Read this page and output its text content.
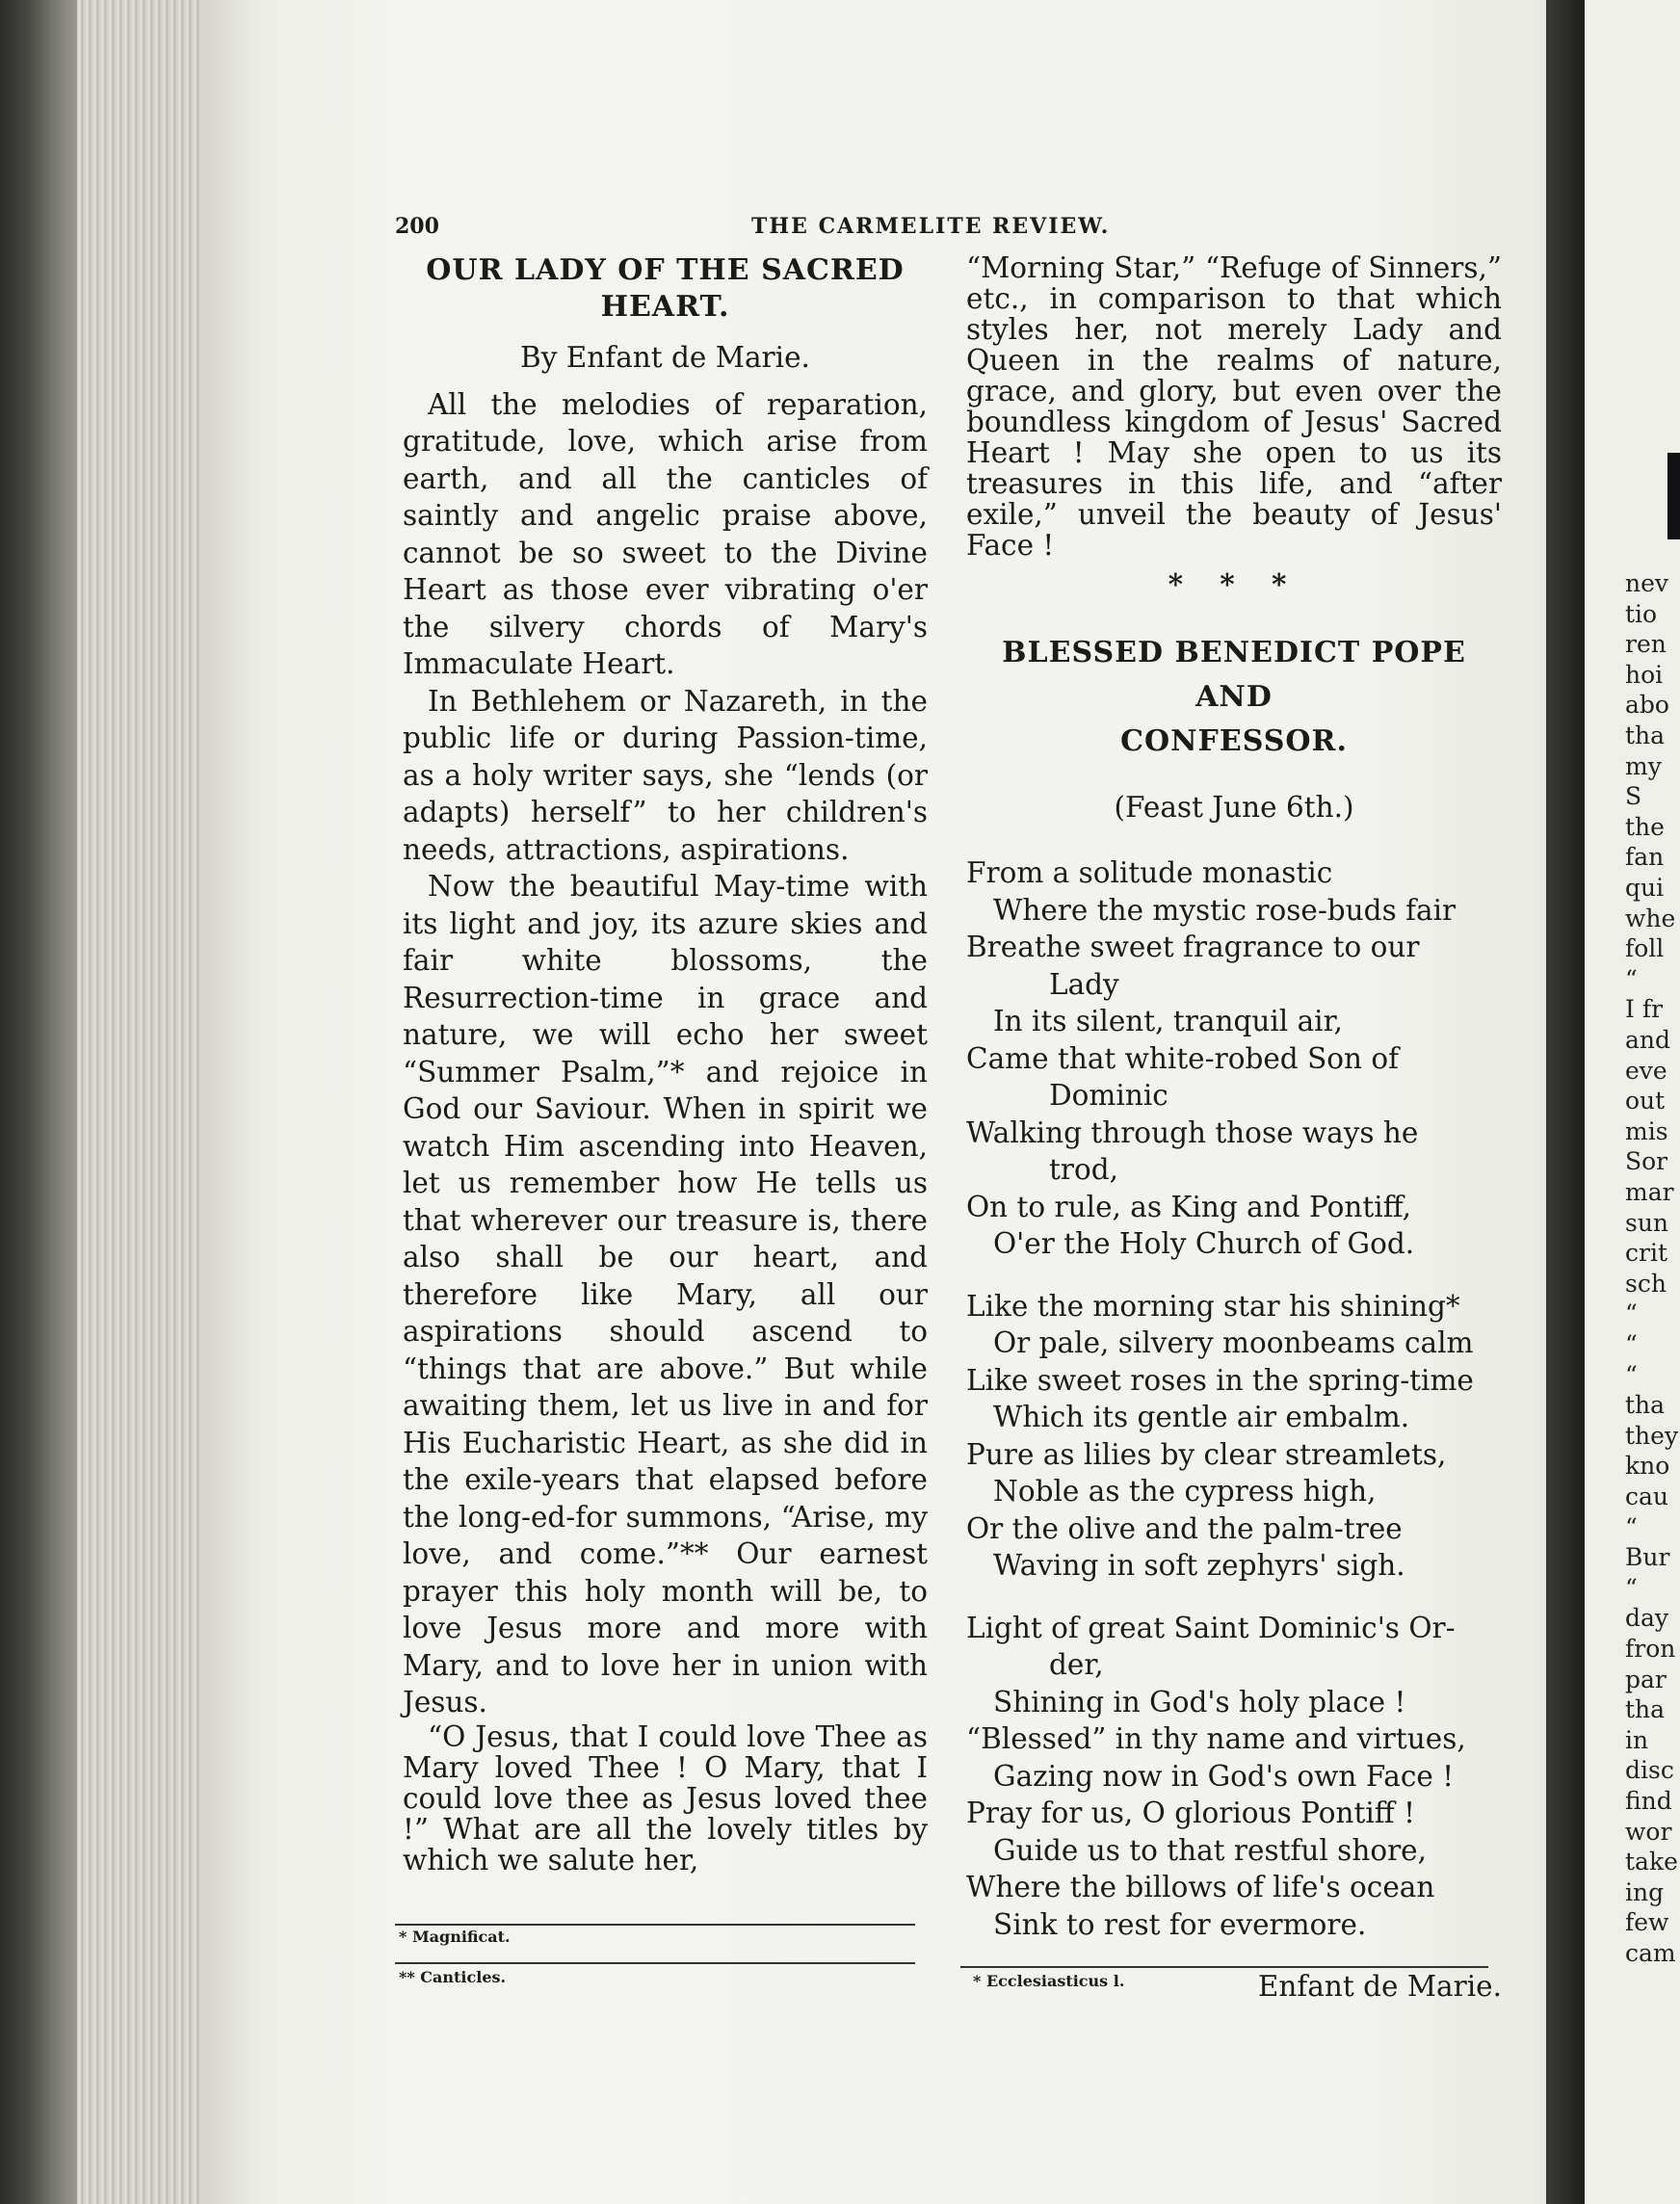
nev
tio
ren
hoi
abo
tha
my
S
the
fan
qui
whe
foll
“
I fr
and
eve
out
mis
Sor
mar
sun
crit
sch
“
“
“
tha
they
kno
cau
“
Bur
“
day
fron
par
tha
in
disc
find
wor
take
ing
few
cam
200	THE CARMELITE REVIEW.
OUR LADY OF THE SACRED HEART.
By Enfant de Marie.

All the melodies of reparation, gratitude, love, which arise from earth, and all the canticles of saintly and angelic praise above, cannot be so sweet to the Divine Heart as those ever vibrating o'er the silvery chords of Mary's Immaculate Heart.

In Bethlehem or Nazareth, in the public life or during Passion-time, as a holy writer says, she “lends (or adapts) herself” to her children's needs, attractions, aspirations.

Now the beautiful May-time with its light and joy, its azure skies and fair white blossoms, the Resurrection-time in grace and nature, we will echo her sweet “Summer Psalm,”* and rejoice in God our Saviour. When in spirit we watch Him ascending into Heaven, let us remember how He tells us that wherever our treasure is, there also shall be our heart, and therefore like Mary, all our aspirations should ascend to “things that are above.” But while awaiting them, let us live in and for His Eucharistic Heart, as she did in the exile-years that elapsed before the long-ed-for summons, “Arise, my love, and come.”** Our earnest prayer this holy month will be, to love Jesus more and more with Mary, and to love her in union with Jesus.

“O Jesus, that I could love Thee as Mary loved Thee ! O Mary, that I could love thee as Jesus loved thee !” What are all the lovely titles by which we salute her,

“Morning Star,” “Refuge of Sinners,” etc., in comparison to that which styles her, not merely Lady and Queen in the realms of nature, grace, and glory, but even over the boundless kingdom of Jesus' Sacred Heart ! May she open to us its treasures in this life, and “after exile,” unveil the beauty of Jesus' Face !

* * *
BLESSED BENEDICT POPE AND
CONFESSOR.
(Feast June 6th.)
From a solitude monastic
Where the mystic rose-buds fair
Breathe sweet fragrance to our
Lady
In its silent, tranquil air,
Came that white-robed Son of
Dominic
Walking through those ways he
trod,
On to rule, as King and Pontiff,
O'er the Holy Church of God.
Like the morning star his shining*
Or pale, silvery moonbeams calm
Like sweet roses in the spring-time
Which its gentle air embalm.
Pure as lilies by clear streamlets,
Noble as the cypress high,
Or the olive and the palm-tree
Waving in soft zephyrs' sigh.
Light of great Saint Dominic's Or-
der,
Shining in God's holy place !
“Blessed” in thy name and virtues,
Gazing now in God's own Face !
Pray for us, O glorious Pontiff !
Guide us to that restful shore,
Where the billows of life's ocean
Sink to rest for evermore.
Enfant de Marie.
* Magnificat.
** Canticles.	* Ecclesiasticus l.
